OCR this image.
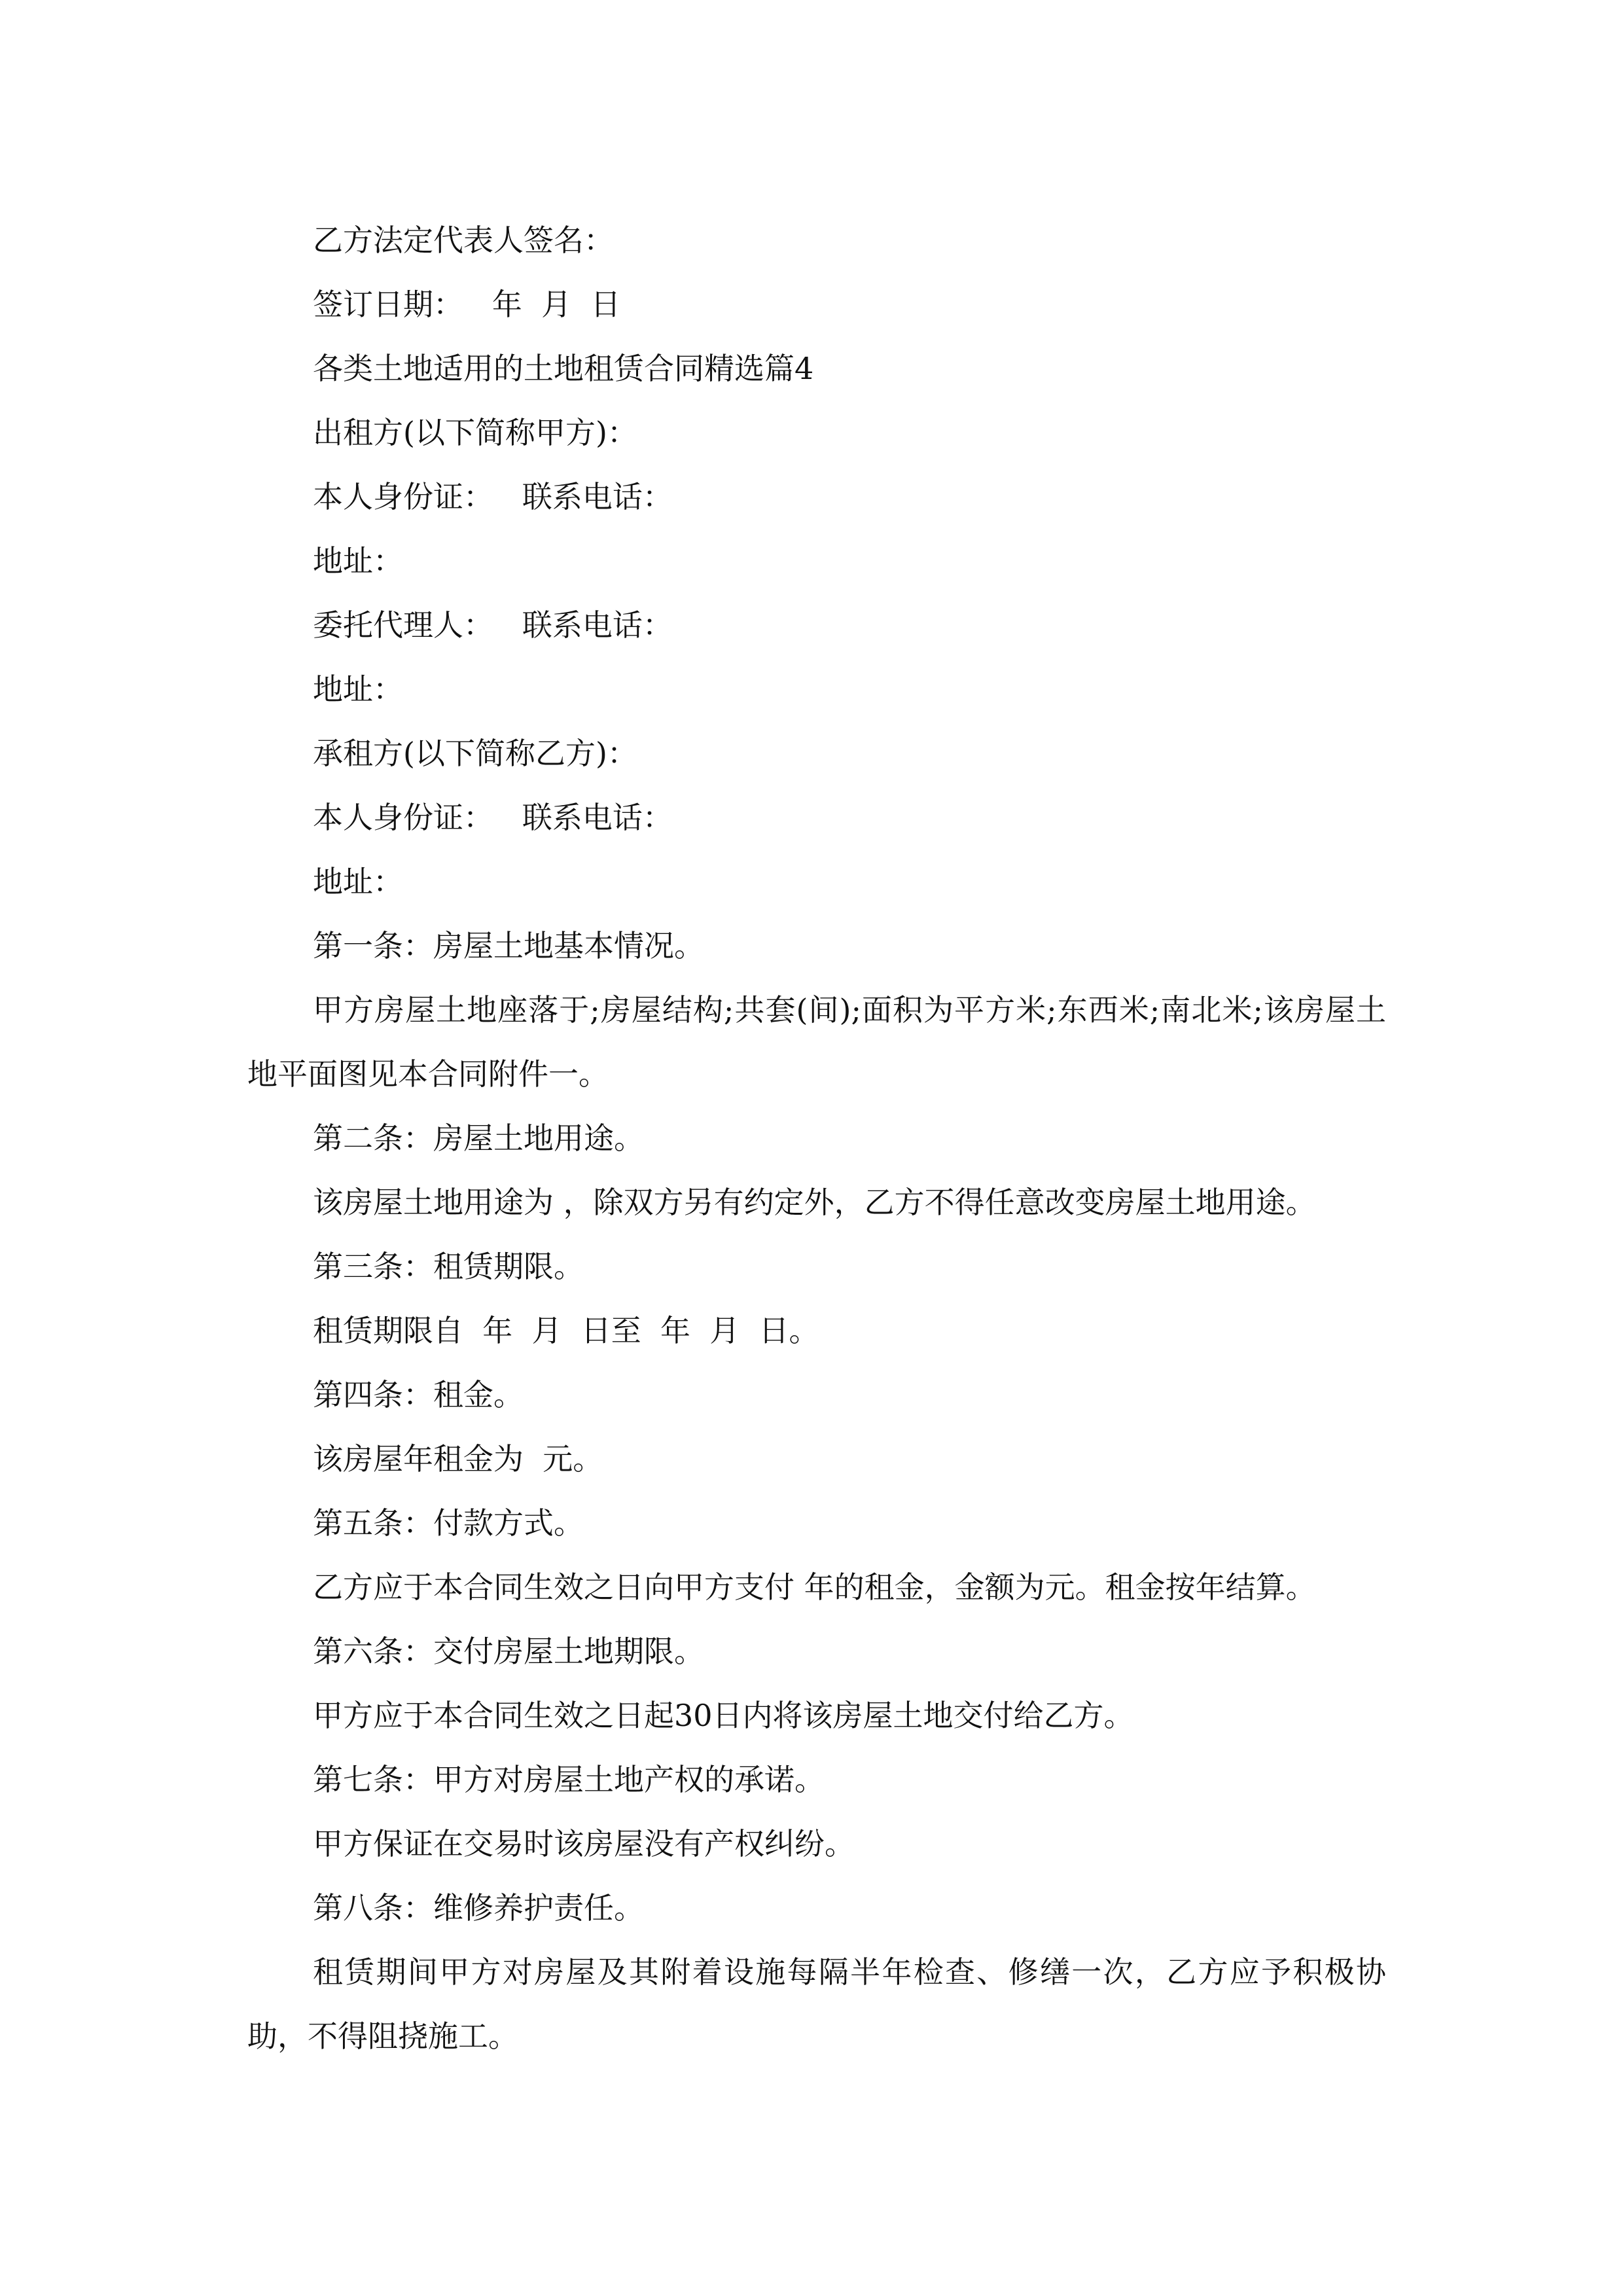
乙方法定代表人签名：

签订日期：   年  月  日

各类土地适用的土地租赁合同精选篇4

出租方(以下简称甲方)：

本人身份证：   联系电话：

地址：

委托代理人：   联系电话：

地址：

承租方(以下简称乙方)：

本人身份证：   联系电话：

地址：

第一条：房屋土地基本情况。

甲方房屋土地座落于;房屋结构;共套(间);面积为平方米;东西米;南北米;该房屋土地平面图见本合同附件一。

第二条：房屋土地用途。

该房屋土地用途为 ，除双方另有约定外，乙方不得任意改变房屋土地用途。

第三条：租赁期限。

租赁期限自  年  月  日至  年  月  日。

第四条：租金。

该房屋年租金为  元。

第五条：付款方式。

乙方应于本合同生效之日向甲方支付 年的租金，金额为元。租金按年结算。

第六条：交付房屋土地期限。

甲方应于本合同生效之日起30日内将该房屋土地交付给乙方。

第七条：甲方对房屋土地产权的承诺。

甲方保证在交易时该房屋没有产权纠纷。

第八条：维修养护责任。

租赁期间甲方对房屋及其附着设施每隔半年检查、修缮一次，乙方应予积极协助，不得阻挠施工。
